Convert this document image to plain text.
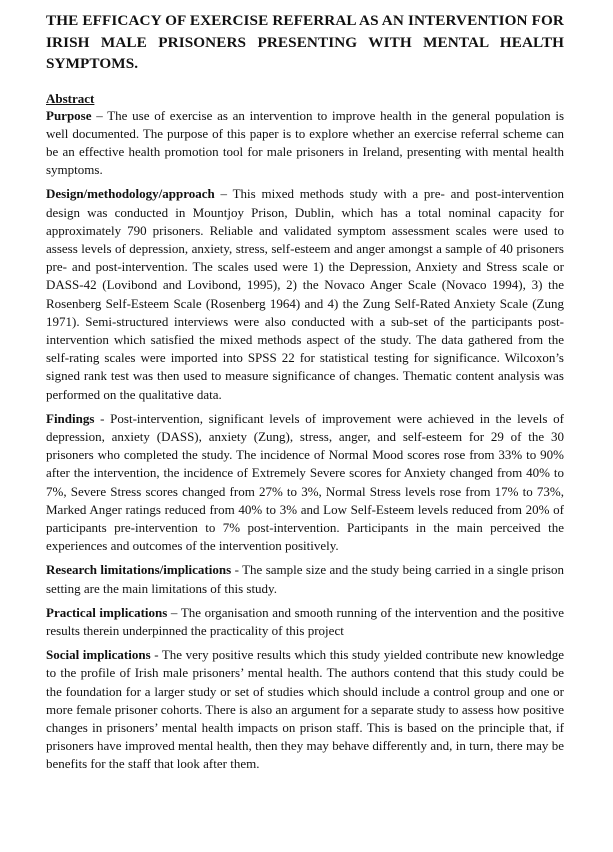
THE EFFICACY OF EXERCISE REFERRAL AS AN INTERVENTION FOR IRISH MALE PRISONERS PRESENTING WITH MENTAL HEALTH SYMPTOMS.
Abstract

Purpose – The use of exercise as an intervention to improve health in the general population is well documented. The purpose of this paper is to explore whether an exercise referral scheme can be an effective health promotion tool for male prisoners in Ireland, presenting with mental health symptoms.

Design/methodology/approach – This mixed methods study with a pre- and post-intervention design was conducted in Mountjoy Prison, Dublin, which has a total nominal capacity for approximately 790 prisoners. Reliable and validated symptom assessment scales were used to assess levels of depression, anxiety, stress, self-esteem and anger amongst a sample of 40 prisoners pre- and post-intervention. The scales used were 1) the Depression, Anxiety and Stress scale or DASS-42 (Lovibond and Lovibond, 1995), 2) the Novaco Anger Scale (Novaco 1994), 3) the Rosenberg Self-Esteem Scale (Rosenberg 1964) and 4) the Zung Self-Rated Anxiety Scale (Zung 1971). Semi-structured interviews were also conducted with a sub-set of the participants post-intervention which satisfied the mixed methods aspect of the study. The data gathered from the self-rating scales were imported into SPSS 22 for statistical testing for significance. Wilcoxon’s signed rank test was then used to measure significance of changes. Thematic content analysis was performed on the qualitative data.

Findings - Post-intervention, significant levels of improvement were achieved in the levels of depression, anxiety (DASS), anxiety (Zung), stress, anger, and self-esteem for 29 of the 30 prisoners who completed the study. The incidence of Normal Mood scores rose from 33% to 90% after the intervention, the incidence of Extremely Severe scores for Anxiety changed from 40% to 7%, Severe Stress scores changed from 27% to 3%, Normal Stress levels rose from 17% to 73%, Marked Anger ratings reduced from 40% to 3% and Low Self-Esteem levels reduced from 20% of participants pre-intervention to 7% post-intervention. Participants in the main perceived the experiences and outcomes of the intervention positively.

Research limitations/implications - The sample size and the study being carried in a single prison setting are the main limitations of this study.

Practical implications – The organisation and smooth running of the intervention and the positive results therein underpinned the practicality of this project

Social implications - The very positive results which this study yielded contribute new knowledge to the profile of Irish male prisoners’ mental health. The authors contend that this study could be the foundation for a larger study or set of studies which should include a control group and one or more female prisoner cohorts. There is also an argument for a separate study to assess how positive changes in prisoners’ mental health impacts on prison staff. This is based on the principle that, if prisoners have improved mental health, then they may behave differently and, in turn, there may be benefits for the staff that look after them.
